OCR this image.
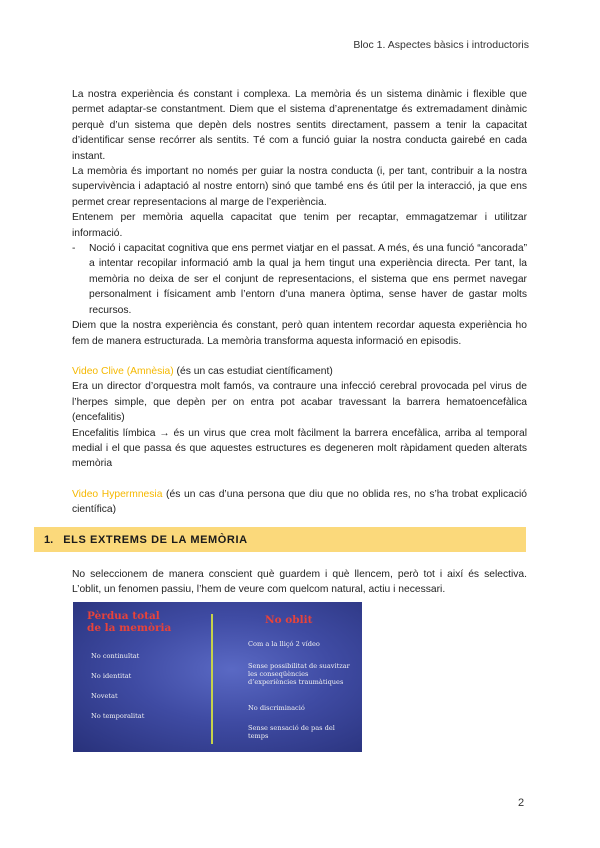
Bloc 1. Aspectes bàsics i introductoris

La nostra experiència és constant i complexa. La memòria és un sistema dinàmic i flexible que permet adaptar-se constantment. Diem que el sistema d’aprenentatge és extremadament dinàmic perquè d’un sistema que depèn dels nostres sentits directament, passem a tenir la capacitat d’identificar sense recórrer als sentits. Té com a funció guiar la nostra conducta gairebé en cada instant.

La memòria és important no només per guiar la nostra conducta (i, per tant, contribuir a la nostra supervivència i adaptació al nostre entorn) sinó que també ens és útil per la interacció, ja que ens permet crear representacions al marge de l’experiència.

Entenem per memòria aquella capacitat que tenim per recaptar, emmagatzemar i utilitzar informació.

- Noció i capacitat cognitiva que ens permet viatjar en el passat. A més, és una funció “ancorada” a intentar recopilar informació amb la qual ja hem tingut una experiència directa. Per tant, la memòria no deixa de ser el conjunt de representacions, el sistema que ens permet navegar personalment i físicament amb l’entorn d’una manera òptima, sense haver de gastar molts recursos.

Diem que la nostra experiència és constant, però quan intentem recordar aquesta experiència ho fem de manera estructurada. La memòria transforma aquesta informació en episodis.

Video Clive (Amnèsia) (és un cas estudiat científicament)

Era un director d’orquestra molt famós, va contraure una infecció cerebral provocada pel virus de l’herpes simple, que depèn per on entra pot acabar travessant la barrera hematoencefàlica (encefalitis)

Encefalitis límbica → és un virus que crea molt fàcilment la barrera encefàlica, arriba al temporal medial i el que passa és que aquestes estructures es degeneren molt ràpidament queden alterats memòria

Video Hypermnesia (és un cas d’una persona que diu que no oblida res, no s’ha trobat explicació científica)

1. ELS EXTREMS DE LA MEMÒRIA

No seleccionem de manera conscient què guardem i què llencem, però tot i així és selectiva. L’oblit, un fenomen passiu, l’hem de veure com quelcom natural, actiu i necessari.

Pèrdua total
de la memòria
No continuïtat
No identitat
Novetat
No temporalitat
No oblit
Com a la lliçó 2 vídeo
Sense possibilitat de suavitzar les conseqüències d’experiències traumàtiques
No discriminació
Sense sensació de pas del temps
2
